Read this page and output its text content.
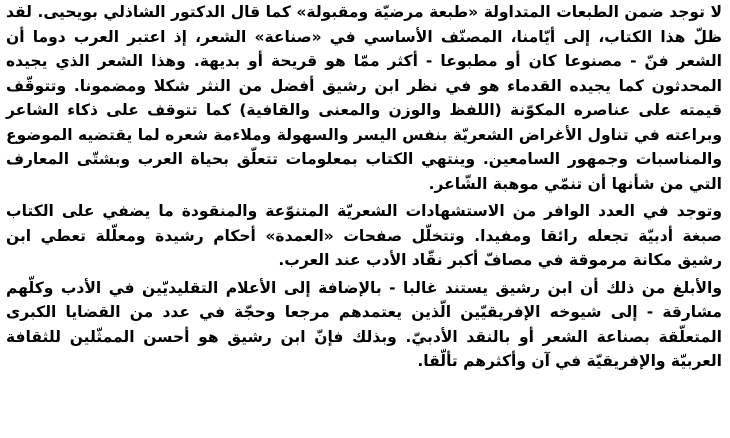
لا توجد ضمن الطبعات المتداولة «طبعة مرضيّة ومقبولة» كما قال الدكتور الشاذلي بويحيى. لقد ظلّ هذا الكتاب، إلى أيّامنا، المصنّف الأساسي في «صناعة» الشعر، إذ اعتبر العرب دوما أن الشعر فنّ - مصنوعا كان أو مطبوعا - أكثر ممّا هو قريحة أو بديهة. وهذا الشعر الذي يجيده المحدثون كما يجيده القدماء هو في نظر ابن رشيق أفضل من النثر شكلا ومضمونا. وتتوقّف قيمته على عناصره المكوّنة (اللفظ والوزن والمعنى والقافية) كما تتوقف على ذكاء الشاعر وبراعته في تناول الأغراض الشعريّة بنفس اليسر والسهولة وملاءمة شعره لما يقتضيه الموضوع والمناسبات وجمهور السامعين. وينتهي الكتاب بمعلومات تتعلّق بحياة العرب وبشتّى المعارف التي من شأنها أن تنمّي موهبة الشّاعر.

وتوجد في العدد الوافر من الاستشهادات الشعريّة المتنوّعة والمنقودة ما يضفي على الكتاب صبغة أدبيّة تجعله رائقا ومفيدا. وتتخلّل صفحات «العمدة» أحكام رشيدة ومعلّلة تعطي ابن رشيق مكانة مرموقة في مصافّ أكبر نقّاد الأدب عند العرب.

والأبلغ من ذلك أن ابن رشيق يستند غالبا - بالإضافة إلى الأعلام التقليديّين في الأدب وكلّهم مشارقة - إلى شيوخه الإفريقيّين الّذين يعتمدهم مرجعا وحجّة في عدد من القضايا الكبرى المتعلّقة بصناعة الشعر أو بالنقد الأدبيّ. وبذلك فإنّ ابن رشيق هو أحسن الممثّلين للثقافة العربيّة والإفريقيّة في آن وأكثرهم تألّقا.
